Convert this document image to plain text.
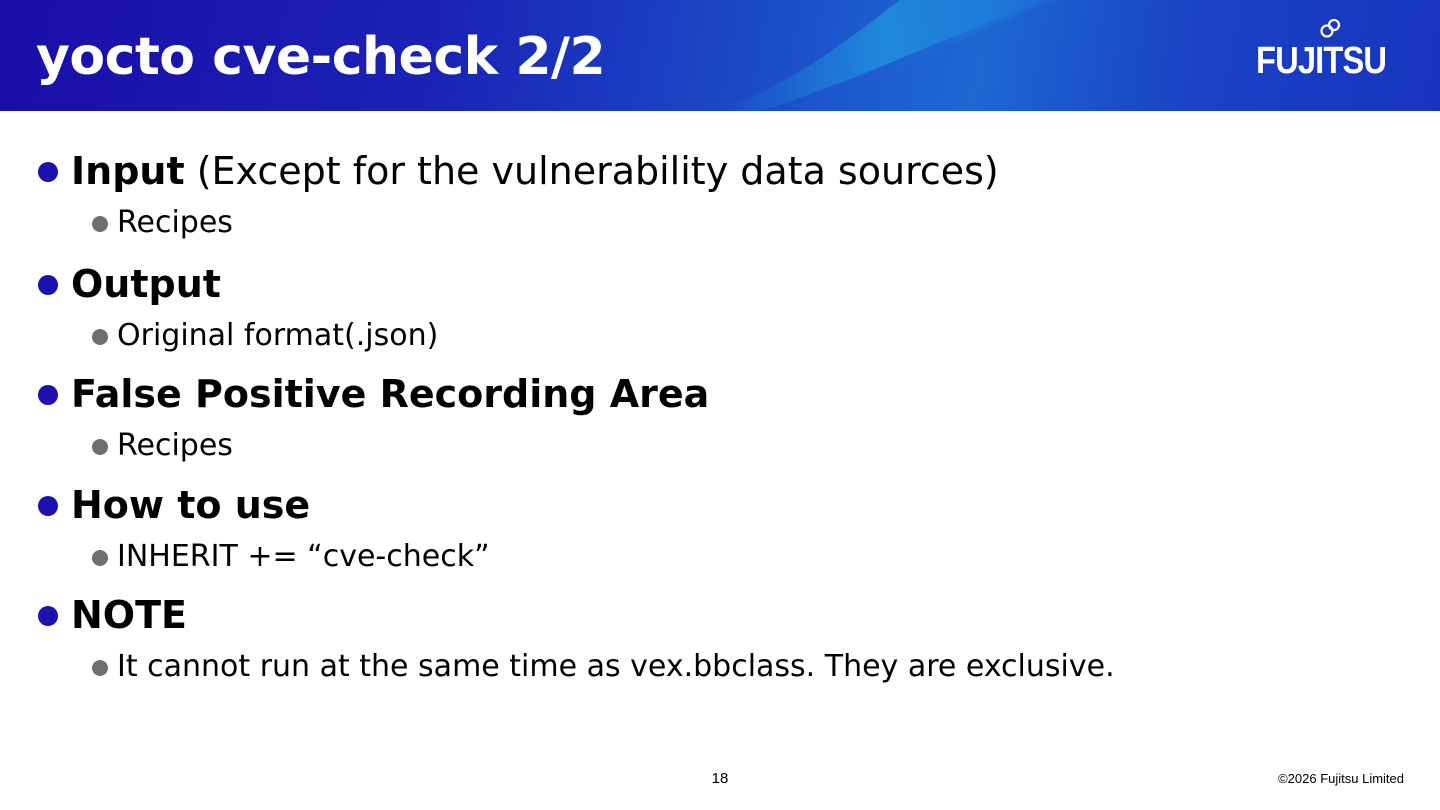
yocto cve-check 2/2	FUJITSU
Input (Except for the vulnerability data sources)
Recipes
Output
Original format(.json)
False Positive Recording Area
Recipes
How to use
INHERIT += “cve-check”
NOTE
It cannot run at the same time as vex.bbclass. They are exclusive.
18	©2026 Fujitsu Limited
